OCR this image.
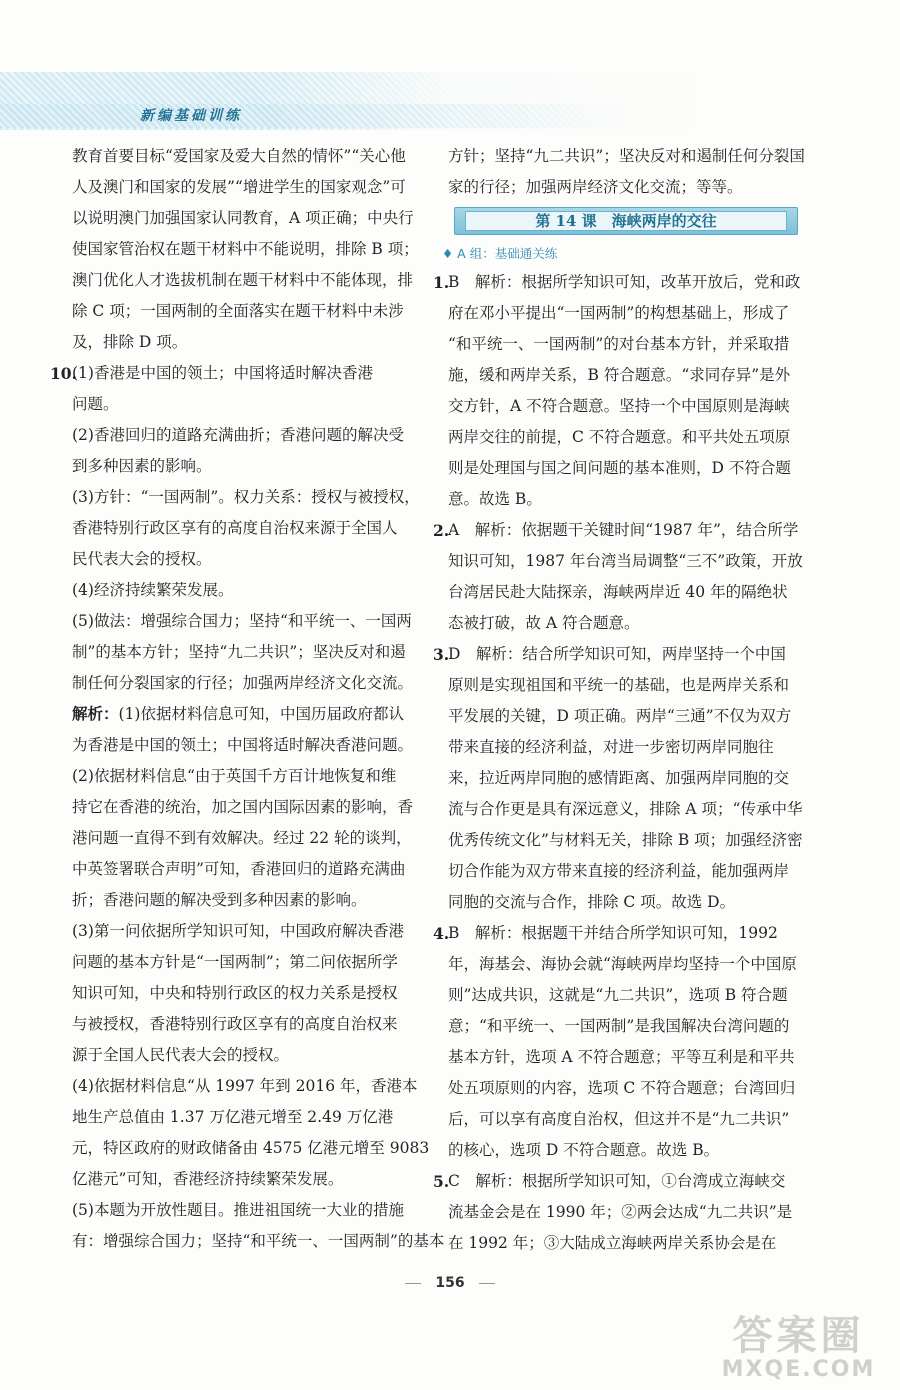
新编基础训练
教育首要目标“爱国家及爱大自然的情怀”“关心他
人及澳门和国家的发展”“增进学生的国家观念”可
以说明澳门加强国家认同教育，A 项正确；中央行
使国家管治权在题干材料中不能说明，排除 B 项；
澳门优化人才选拔机制在题干材料中不能体现，排
除 C 项；一国两制的全面落实在题干材料中未涉
及，排除 D 项。
10.
(1)香港是中国的领土；中国将适时解决香港
问题。
(2)香港回归的道路充满曲折；香港问题的解决受
到多种因素的影响。
(3)方针：“一国两制”。权力关系：授权与被授权，
香港特别行政区享有的高度自治权来源于全国人
民代表大会的授权。
(4)经济持续繁荣发展。
(5)做法：增强综合国力；坚持“和平统一、一国两
制”的基本方针；坚持“九二共识”；坚决反对和遏
制任何分裂国家的行径；加强两岸经济文化交流。
解析：(1)依据材料信息可知，中国历届政府都认
为香港是中国的领土；中国将适时解决香港问题。
(2)依据材料信息“由于英国千方百计地恢复和维
持它在香港的统治，加之国内国际因素的影响，香
港问题一直得不到有效解决。经过 22 轮的谈判，
中英签署联合声明”可知，香港回归的道路充满曲
折；香港问题的解决受到多种因素的影响。
(3)第一问依据所学知识可知，中国政府解决香港
问题的基本方针是“一国两制”；第二问依据所学
知识可知，中央和特别行政区的权力关系是授权
与被授权，香港特别行政区享有的高度自治权来
源于全国人民代表大会的授权。
(4)依据材料信息“从 1997 年到 2016 年，香港本
地生产总值由 1.37 万亿港元增至 2.49 万亿港
元，特区政府的财政储备由 4575 亿港元增至 9083
亿港元”可知，香港经济持续繁荣发展。
(5)本题为开放性题目。推进祖国统一大业的措施
有：增强综合国力；坚持“和平统一、一国两制”的基本
方针；坚持“九二共识”；坚决反对和遏制任何分裂国
家的行径；加强两岸经济文化交流；等等。
第 14 课　海峡两岸的交往
♦ A 组：基础通关练
1.
B　解析：根据所学知识可知，改革开放后，党和政
府在邓小平提出“一国两制”的构想基础上，形成了
“和平统一、一国两制”的对台基本方针，并采取措
施，缓和两岸关系，B 符合题意。“求同存异”是外
交方针，A 不符合题意。坚持一个中国原则是海峡
两岸交往的前提，C 不符合题意。和平共处五项原
则是处理国与国之间问题的基本准则，D 不符合题
意。故选 B。
2.
A　解析：依据题干关键时间“1987 年”，结合所学
知识可知，1987 年台湾当局调整“三不”政策，开放
台湾居民赴大陆探亲，海峡两岸近 40 年的隔绝状
态被打破，故 A 符合题意。
3.
D　解析：结合所学知识可知，两岸坚持一个中国
原则是实现祖国和平统一的基础，也是两岸关系和
平发展的关键，D 项正确。两岸“三通”不仅为双方
带来直接的经济利益，对进一步密切两岸同胞往
来，拉近两岸同胞的感情距离、加强两岸同胞的交
流与合作更是具有深远意义，排除 A 项；“传承中华
优秀传统文化”与材料无关，排除 B 项；加强经济密
切合作能为双方带来直接的经济利益，能加强两岸
同胞的交流与合作，排除 C 项。故选 D。
4.
B　解析：根据题干并结合所学知识可知，1992
年，海基会、海协会就“海峡两岸均坚持一个中国原
则”达成共识，这就是“九二共识”，选项 B 符合题
意；“和平统一、一国两制”是我国解决台湾问题的
基本方针，选项 A 不符合题意；平等互利是和平共
处五项原则的内容，选项 C 不符合题意；台湾回归
后，可以享有高度自治权，但这并不是“九二共识”
的核心，选项 D 不符合题意。故选 B。
5.
C　解析：根据所学知识可知，①台湾成立海峡交
流基金会是在 1990 年；②两会达成“九二共识”是
在 1992 年；③大陆成立海峡两岸关系协会是在
156
答案圈
MXQE.COM
